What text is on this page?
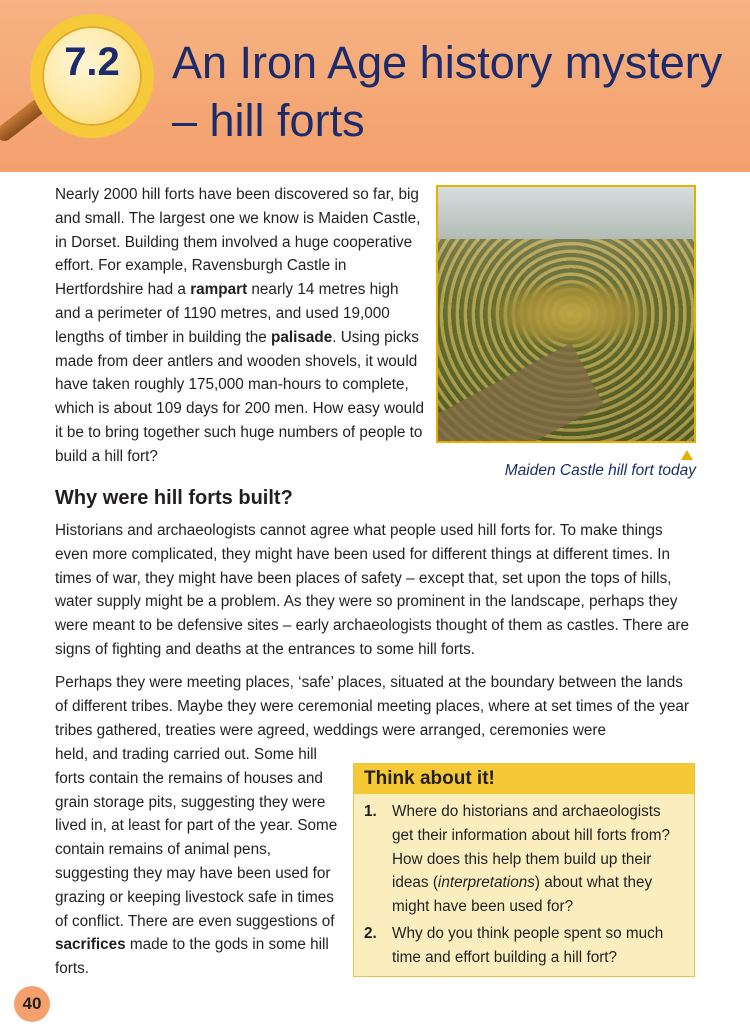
7.2	An Iron Age history mystery – hill forts

Nearly 2000 hill forts have been discovered so far, big and small. The largest one we know is Maiden Castle, in Dorset. Building them involved a huge cooperative effort. For example, Ravensburgh Castle in Hertfordshire had a rampart nearly 14 metres high and a perimeter of 1190 metres, and used 19,000 lengths of timber in building the palisade. Using picks made from deer antlers and wooden shovels, it would have taken roughly 175,000 man-hours to complete, which is about 109 days for 200 men. How easy would it be to bring together such huge numbers of people to build a hill fort?

Maiden Castle hill fort today
Why were hill forts built?

Historians and archaeologists cannot agree what people used hill forts for. To make things even more complicated, they might have been used for different things at different times. In times of war, they might have been places of safety – except that, set upon the tops of hills, water supply might be a problem. As they were so prominent in the landscape, perhaps they were meant to be defensive sites – early archaeologists thought of them as castles. There are signs of fighting and deaths at the entrances to some hill forts.

Perhaps they were meeting places, ‘safe’ places, situated at the boundary between the lands of different tribes. Maybe they were ceremonial meeting places, where at set times of the year tribes gathered, treaties were agreed, weddings were arranged, ceremonies were

held, and trading carried out. Some hill forts contain the remains of houses and grain storage pits, suggesting they were lived in, at least for part of the year. Some contain remains of animal pens, suggesting they may have been used for grazing or keeping livestock safe in times of conflict. There are even suggestions of sacrifices made to the gods in some hill forts.

Think about it!
1. Where do historians and archaeologists get their information about hill forts from? How does this help them build up their ideas (interpretations) about what they might have been used for?
2. Why do you think people spent so much time and effort building a hill fort?
40
